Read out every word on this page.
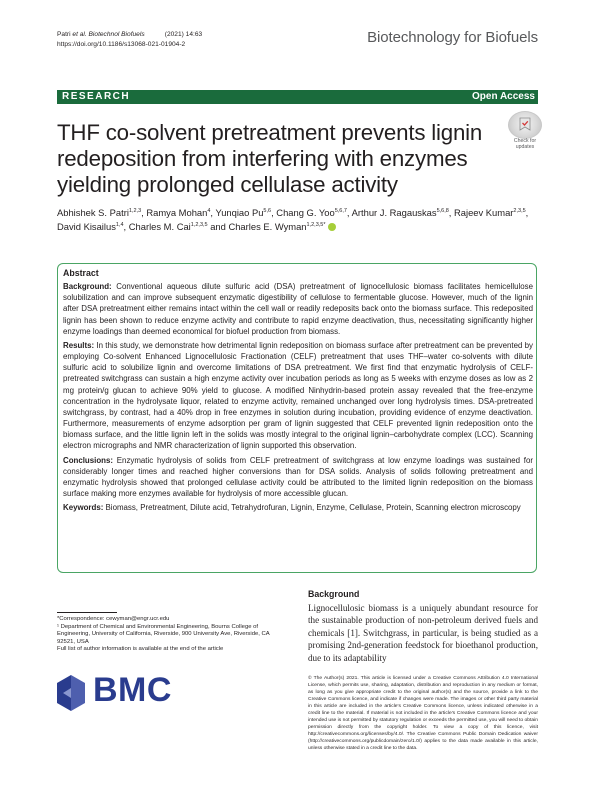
Patri et al. Biotechnol Biofuels	(2021) 14:63
https://doi.org/10.1186/s13068-021-01904-2	Biotechnology for Biofuels
RESEARCH	Open Access
THF co-solvent pretreatment prevents lignin redeposition from interfering with enzymes yielding prolonged cellulase activity
Check for
updates
Abhishek S. Patri$^{1,2,3}$, Ramya Mohan$^4$, Yunqiao Pu$^{5,6}$, Chang G. Yoo$^{5,6,7}$, Arthur J. Ragauskas$^{5,6,8}$, Rajeev Kumar$^{2,3,5}$, David Kisailus$^{1,4}$, Charles M. Cai$^{1,2,3,5}$ and Charles E. Wyman$^{1,2,3,5*}$
Abstract

Background: Conventional aqueous dilute sulfuric acid (DSA) pretreatment of lignocellulosic biomass facilitates hemicellulose solubilization and can improve subsequent enzymatic digestibility of cellulose to fermentable glucose. However, much of the lignin after DSA pretreatment either remains intact within the cell wall or readily redeposits back onto the biomass surface. This redeposited lignin has been shown to reduce enzyme activity and contribute to rapid enzyme deactivation, thus, necessitating significantly higher enzyme loadings than deemed economical for biofuel production from biomass.

Results: In this study, we demonstrate how detrimental lignin redeposition on biomass surface after pretreatment can be prevented by employing Co-solvent Enhanced Lignocellulosic Fractionation (CELF) pretreatment that uses THF–water co-solvents with dilute sulfuric acid to solubilize lignin and overcome limitations of DSA pretreatment. We first find that enzymatic hydrolysis of CELF-pretreated switchgrass can sustain a high enzyme activity over incubation periods as long as 5 weeks with enzyme doses as low as 2 mg protein/g glucan to achieve 90% yield to glucose. A modified Ninhydrin-based protein assay revealed that the free-enzyme concentration in the hydrolysate liquor, related to enzyme activity, remained unchanged over long hydrolysis times. DSA-pretreated switchgrass, by contrast, had a 40% drop in free enzymes in solution during incubation, providing evidence of enzyme deactivation. Furthermore, measurements of enzyme adsorption per gram of lignin suggested that CELF prevented lignin redeposition onto the biomass surface, and the little lignin left in the solids was mostly integral to the original lignin–carbohydrate complex (LCC). Scanning electron micrographs and NMR characterization of lignin supported this observation.

Conclusions: Enzymatic hydrolysis of solids from CELF pretreatment of switchgrass at low enzyme loadings was sustained for considerably longer times and reached higher conversions than for DSA solids. Analysis of solids following pretreatment and enzymatic hydrolysis showed that prolonged cellulase activity could be attributed to the limited lignin redeposition on the biomass surface making more enzymes available for hydrolysis of more accessible glucan.

Keywords: Biomass, Pretreatment, Dilute acid, Tetrahydrofuran, Lignin, Enzyme, Cellulase, Protein, Scanning electron microscopy

*Correspondence: cewyman@engr.ucr.edu
¹ Department of Chemical and Environmental Engineering, Bourns College of Engineering, University of California, Riverside, 900 University Ave, Riverside, CA 92521, USA
Full list of author information is available at the end of the article
Background
Lignocellulosic biomass is a uniquely abundant resource for the sustainable production of non-petroleum derived fuels and chemicals [1]. Switchgrass, in particular, is being studied as a promising 2nd-generation feedstock for bioethanol production, due to its adaptability
BMC	© The Author(s) 2021. This article is licensed under a Creative Commons Attribution 4.0 International License, which permits use, sharing, adaptation, distribution and reproduction in any medium or format, as long as you give appropriate credit to the original author(s) and the source, provide a link to the Creative Commons licence, and indicate if changes were made. The images or other third party material in this article are included in the article's Creative Commons licence, unless indicated otherwise in a credit line to the material. If material is not included in the article's Creative Commons licence and your intended use is not permitted by statutory regulation or exceeds the permitted use, you will need to obtain permission directly from the copyright holder. To view a copy of this licence, visit http://creativecommons.org/licenses/by/4.0/. The Creative Commons Public Domain Dedication waiver (http://creativecommons.org/publicdomain/zero/1.0/) applies to the data made available in this article, unless otherwise stated in a credit line to the data.
